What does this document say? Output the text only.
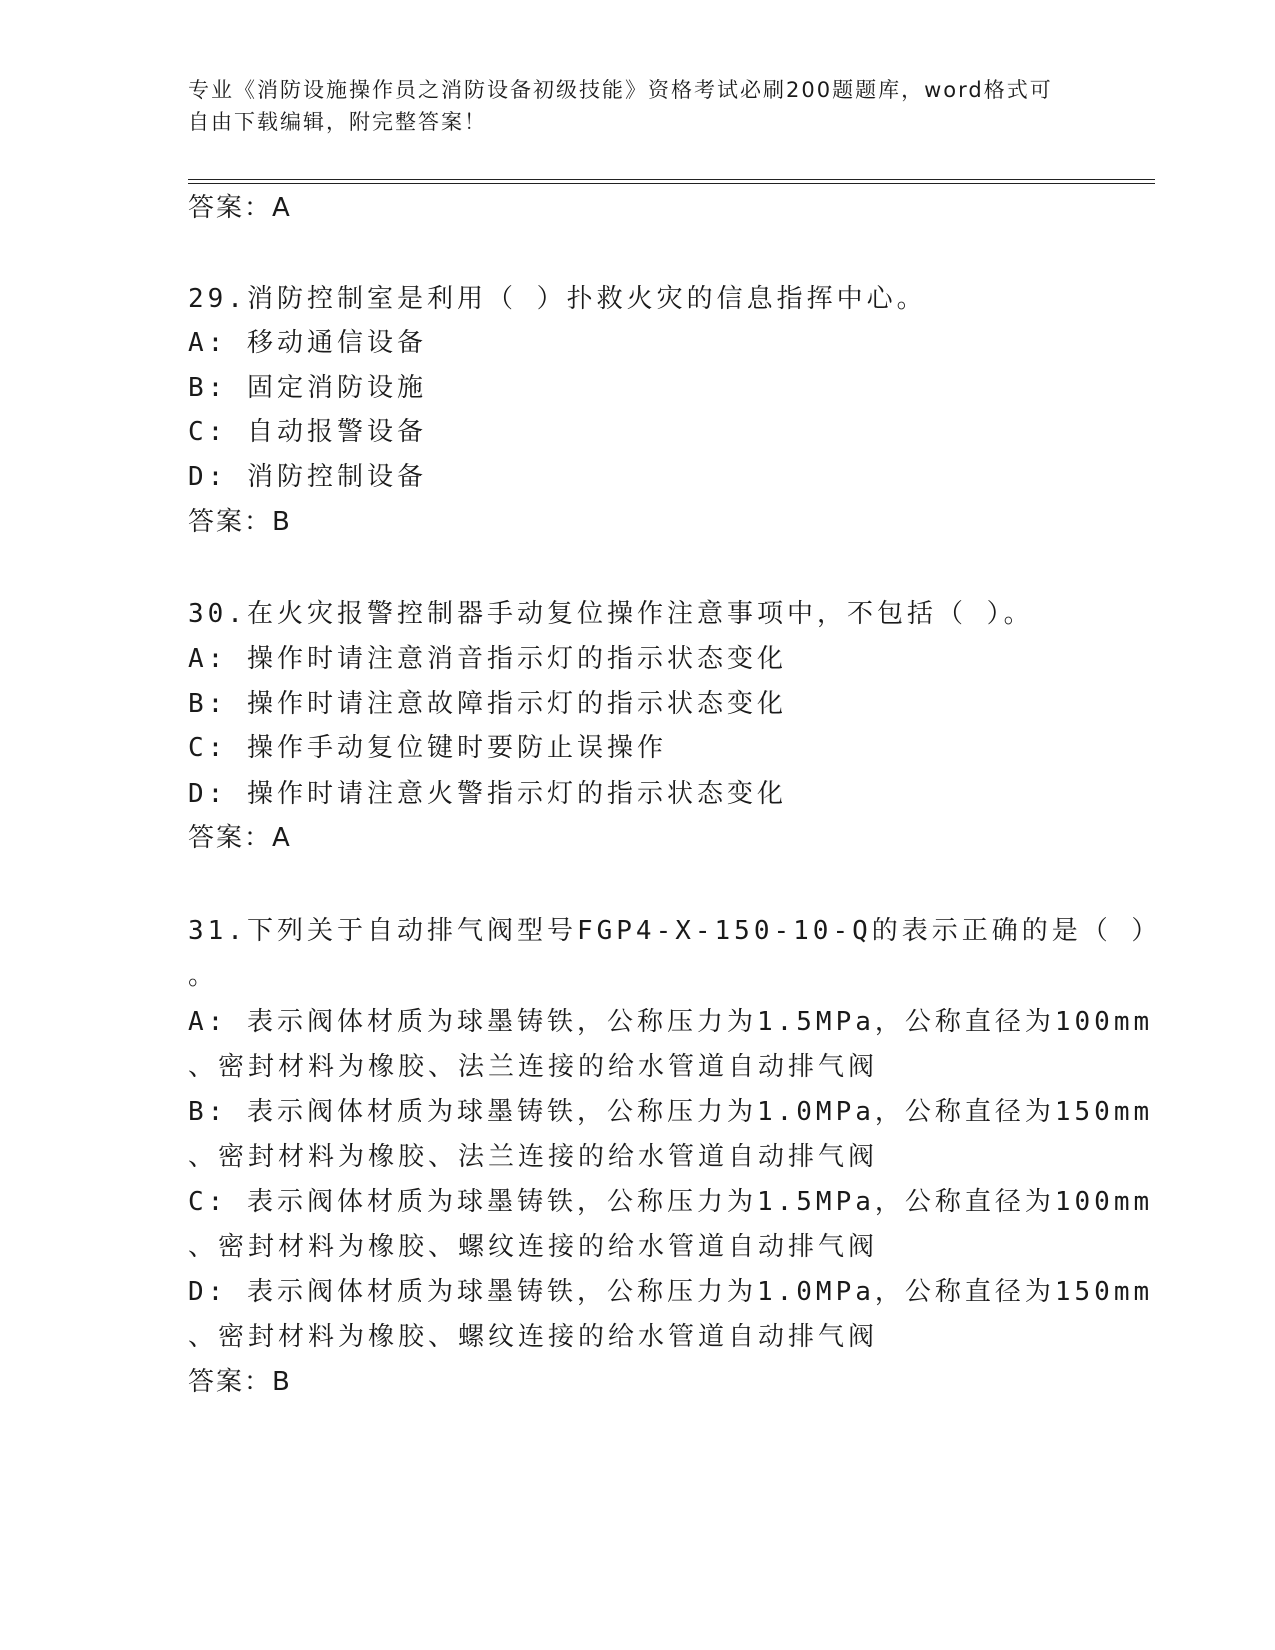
专业《消防设施操作员之消防设备初级技能》资格考试必刷200题题库，word格式可自由下载编辑，附完整答案！
答案：A
29.消防控制室是利用（ ）扑救火灾的信息指挥中心。
A: 移动通信设备
B: 固定消防设施
C: 自动报警设备
D: 消防控制设备
答案：B
30.在火灾报警控制器手动复位操作注意事项中，不包括（ ）。
A: 操作时请注意消音指示灯的指示状态变化
B: 操作时请注意故障指示灯的指示状态变化
C: 操作手动复位键时要防止误操作
D: 操作时请注意火警指示灯的指示状态变化
答案：A
31.下列关于自动排气阀型号FGP4-X-150-10-Q的表示正确的是（ ）
。
A: 表示阀体材质为球墨铸铁，公称压力为1.5MPa，公称直径为100mm
、密封材料为橡胶、法兰连接的给水管道自动排气阀
B: 表示阀体材质为球墨铸铁，公称压力为1.0MPa，公称直径为150mm
、密封材料为橡胶、法兰连接的给水管道自动排气阀
C: 表示阀体材质为球墨铸铁，公称压力为1.5MPa，公称直径为100mm
、密封材料为橡胶、螺纹连接的给水管道自动排气阀
D: 表示阀体材质为球墨铸铁，公称压力为1.0MPa，公称直径为150mm
、密封材料为橡胶、螺纹连接的给水管道自动排气阀
答案：B
